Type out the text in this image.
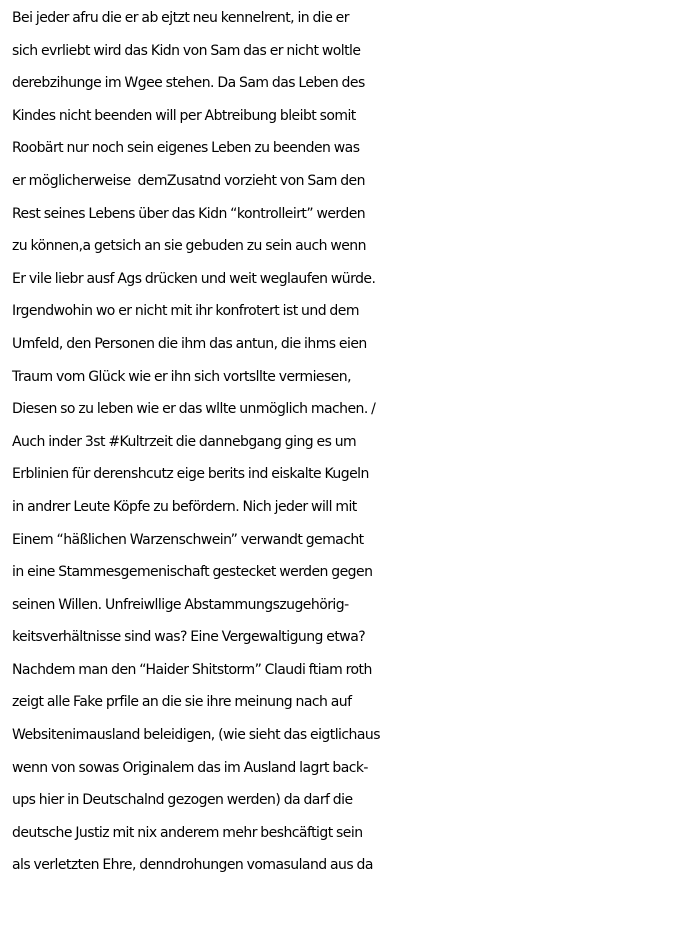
Bei jeder afru die er ab ejtzt neu kennelrent, in die er
sich evrliebt wird das Kidn von Sam das er nicht woltle
derebzihunge im Wgee stehen. Da Sam das Leben des
Kindes nicht beenden will per Abtreibung bleibt somit
Roobärt nur noch sein eigenes Leben zu beenden was
er möglicherweise  demZusatnd vorzieht von Sam den
Rest seines Lebens über das Kidn “kontrolleirt” werden
zu können,a getsich an sie gebuden zu sein auch wenn
Er vile liebr ausf Ags drücken und weit weglaufen würde.
Irgendwohin wo er nicht mit ihr konfrotert ist und dem
Umfeld, den Personen die ihm das antun, die ihms eien
Traum vom Glück wie er ihn sich vortsllte vermiesen,
Diesen so zu leben wie er das wllte unmöglich machen. /
Auch inder 3st #Kultrzeit die dannebgang ging es um
Erblinien für derenshcutz eige berits ind eiskalte Kugeln
in andrer Leute Köpfe zu befördern. Nich jeder will mit
Einem “häßlichen Warzenschwein” verwandt gemacht
in eine Stammesgemenischaft gestecket werden gegen
seinen Willen. Unfreiwllige Abstammungszugehörig-
keitsverhältnisse sind was? Eine Vergewaltigung etwa?
Nachdem man den “Haider Shitstorm” Claudi ftiam roth
zeigt alle Fake prfile an die sie ihre meinung nach auf
Websitenimausland beleidigen, (wie sieht das eigtlichaus
wenn von sowas Originalem das im Ausland lagrt back-
ups hier in Deutschalnd gezogen werden) da darf die
deutsche Justiz mit nix anderem mehr beshcäftigt sein
als verletzten Ehre, denndrohungen vomasuland aus da
